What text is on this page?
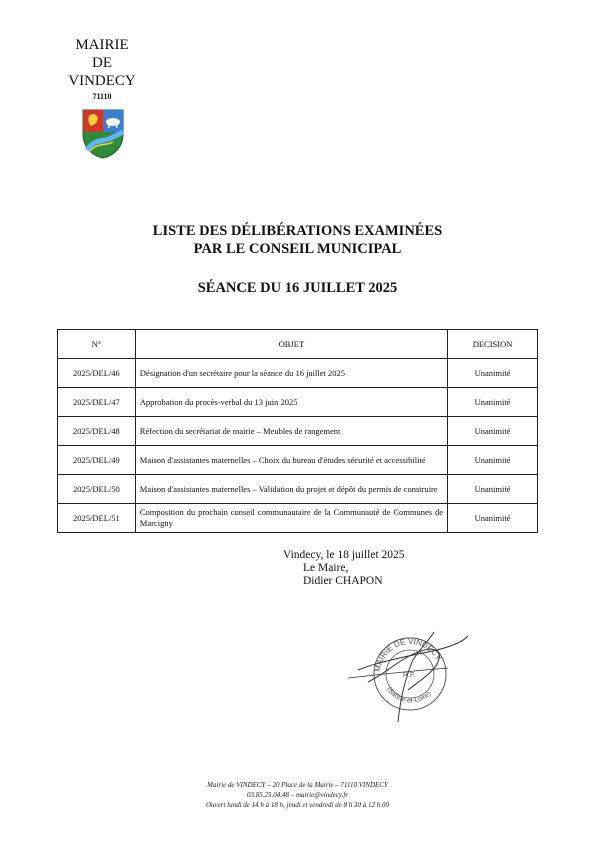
MAIRIE
DE
VINDECY
71110
LISTE DES DÉLIBÉRATIONS EXAMINÉES
PAR LE CONSEIL MUNICIPAL
SÉANCE DU 16 JUILLET 2025
N°	OBJET	DECISION
2025/DEL/46	Désignation d'un secrétaire pour la séance du 16 juillet 2025	Unanimité
2025/DEL/47	Approbation du procès-verbal du 13 juin 2025	Unanimité
2025/DEL/48	Réfection du secrétariat de mairie – Meubles de rangement	Unanimité
2025/DEL/49	Maison d'assistantes maternelles – Choix du bureau d'études sécurité et accessibilité	Unanimité
2025/DEL/50	Maison d'assistantes maternelles – Validation du projet et dépôt du permis de construire	Unanimité
2025/DEL/51	Composition du prochain conseil communautaire de la Communauté de Communes de Marcigny	Unanimité
Vindecy, le 18 juillet 2025
Le Maire,
Didier CHAPON
MAIRIE DE VINDECY
(Saône-et-Loire)
R.F.
Mairie de VINDECY – 20 Place de la Mairie – 71110 VINDECY
03.85.25.04.48 – mairie@vindecy.fr
Ouvert lundi de 14 h à 18 h, jeudi et vendredi de 8 h 30 à 12 h 00
